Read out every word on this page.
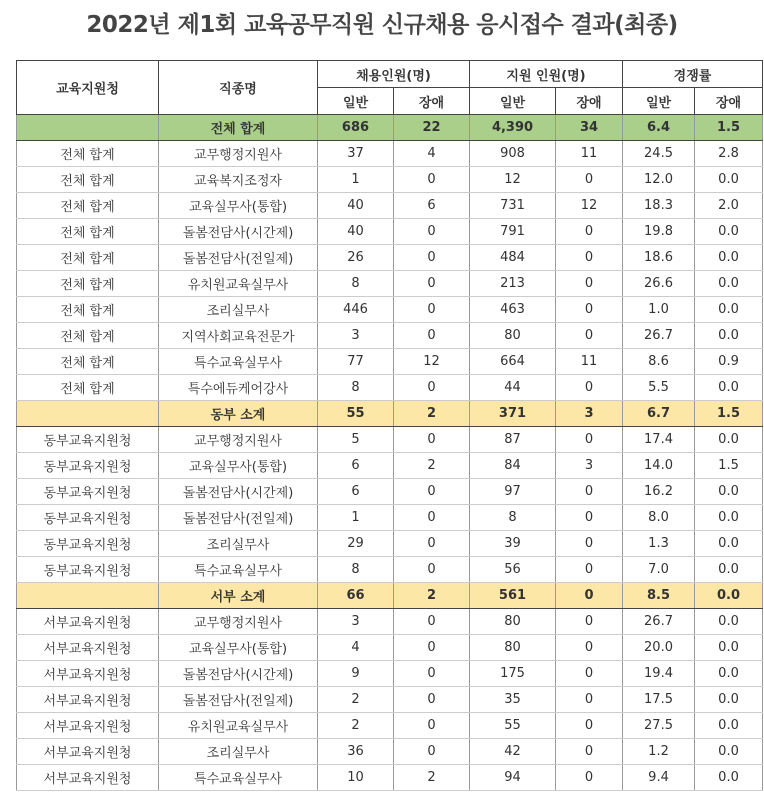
2022년 제1회 교육공무직원 신규채용 응시접수 결과(최종)
교육지원청	직종명	채용인원(명)		지원 인원(명)		경쟁률	
		일반	장애	일반	장애	일반	장애
	전체 합계	686	22	4,390	34	6.4	1.5
전체 합계	교무행정지원사	37	4	908	11	24.5	2.8
전체 합계	교육복지조정자	1	0	12	0	12.0	0.0
전체 합계	교육실무사(통합)	40	6	731	12	18.3	2.0
전체 합계	돌봄전담사(시간제)	40	0	791	0	19.8	0.0
전체 합계	돌봄전담사(전일제)	26	0	484	0	18.6	0.0
전체 합계	유치원교육실무사	8	0	213	0	26.6	0.0
전체 합계	조리실무사	446	0	463	0	1.0	0.0
전체 합계	지역사회교육전문가	3	0	80	0	26.7	0.0
전체 합계	특수교육실무사	77	12	664	11	8.6	0.9
전체 합계	특수에듀케어강사	8	0	44	0	5.5	0.0
	동부 소계	55	2	371	3	6.7	1.5
동부교육지원청	교무행정지원사	5	0	87	0	17.4	0.0
동부교육지원청	교육실무사(통합)	6	2	84	3	14.0	1.5
동부교육지원청	돌봄전담사(시간제)	6	0	97	0	16.2	0.0
동부교육지원청	돌봄전담사(전일제)	1	0	8	0	8.0	0.0
동부교육지원청	조리실무사	29	0	39	0	1.3	0.0
동부교육지원청	특수교육실무사	8	0	56	0	7.0	0.0
	서부 소계	66	2	561	0	8.5	0.0
서부교육지원청	교무행정지원사	3	0	80	0	26.7	0.0
서부교육지원청	교육실무사(통합)	4	0	80	0	20.0	0.0
서부교육지원청	돌봄전담사(시간제)	9	0	175	0	19.4	0.0
서부교육지원청	돌봄전담사(전일제)	2	0	35	0	17.5	0.0
서부교육지원청	유치원교육실무사	2	0	55	0	27.5	0.0
서부교육지원청	조리실무사	36	0	42	0	1.2	0.0
서부교육지원청	특수교육실무사	10	2	94	0	9.4	0.0
